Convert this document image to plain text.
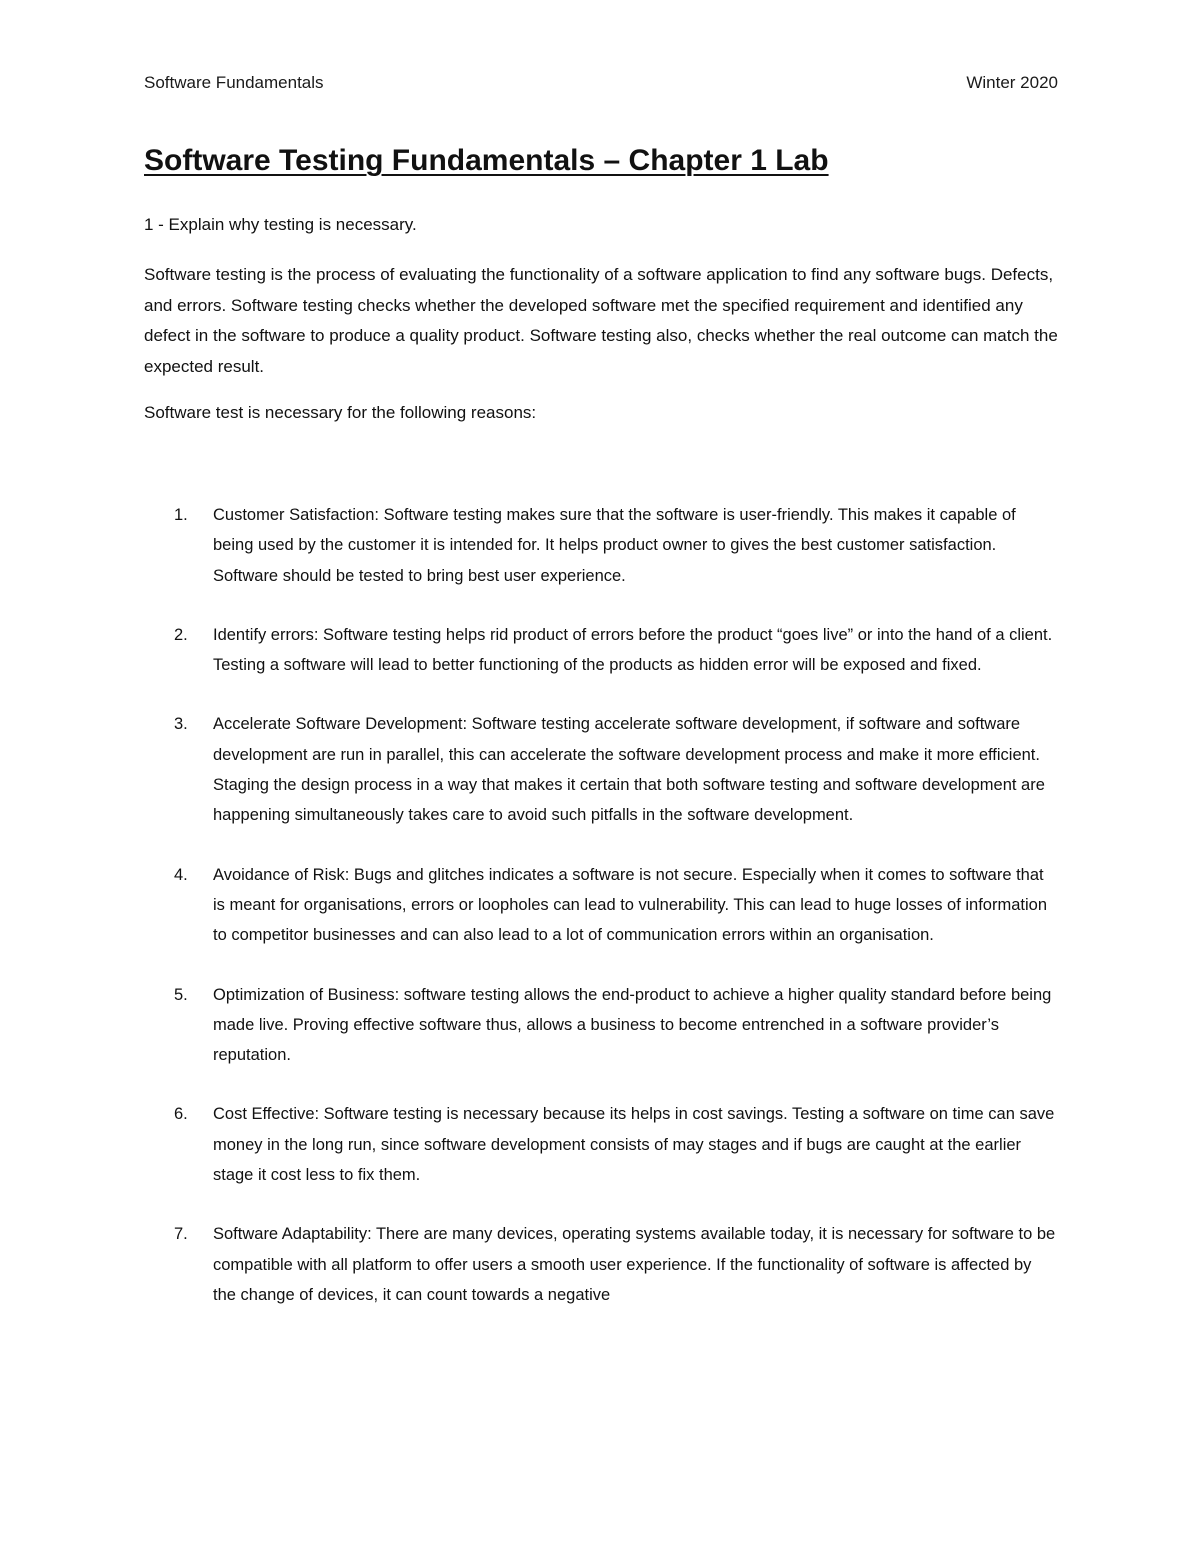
Software Fundamentals	Winter 2020
Software Testing Fundamentals – Chapter 1 Lab
1 - Explain why testing is necessary.

Software testing is the process of evaluating the functionality of a software application to find any software bugs. Defects, and errors. Software testing checks whether the developed software met the specified requirement and identified any defect in the software to produce a quality product. Software testing also, checks whether the real outcome can match the expected result.

Software test is necessary for the following reasons:
1. Customer Satisfaction: Software testing makes sure that the software is user-friendly. This makes it capable of being used by the customer it is intended for. It helps product owner to gives the best customer satisfaction. Software should be tested to bring best user experience.
2. Identify errors: Software testing helps rid product of errors before the product “goes live” or into the hand of a client. Testing a software will lead to better functioning of the products as hidden error will be exposed and fixed.
3. Accelerate Software Development: Software testing accelerate software development, if software and software development are run in parallel, this can accelerate the software development process and make it more efficient. Staging the design process in a way that makes it certain that both software testing and software development are happening simultaneously takes care to avoid such pitfalls in the software development.
4. Avoidance of Risk: Bugs and glitches indicates a software is not secure. Especially when it comes to software that is meant for organisations, errors or loopholes can lead to vulnerability. This can lead to huge losses of information to competitor businesses and can also lead to a lot of communication errors within an organisation.
5. Optimization of Business: software testing allows the end-product to achieve a higher quality standard before being made live. Proving effective software thus, allows a business to become entrenched in a software provider’s reputation.
6. Cost Effective: Software testing is necessary because its helps in cost savings. Testing a software on time can save money in the long run, since software development consists of may stages and if bugs are caught at the earlier stage it cost less to fix them.
7. Software Adaptability: There are many devices, operating systems available today, it is necessary for software to be compatible with all platform to offer users a smooth user experience. If the functionality of software is affected by the change of devices, it can count towards a negative
